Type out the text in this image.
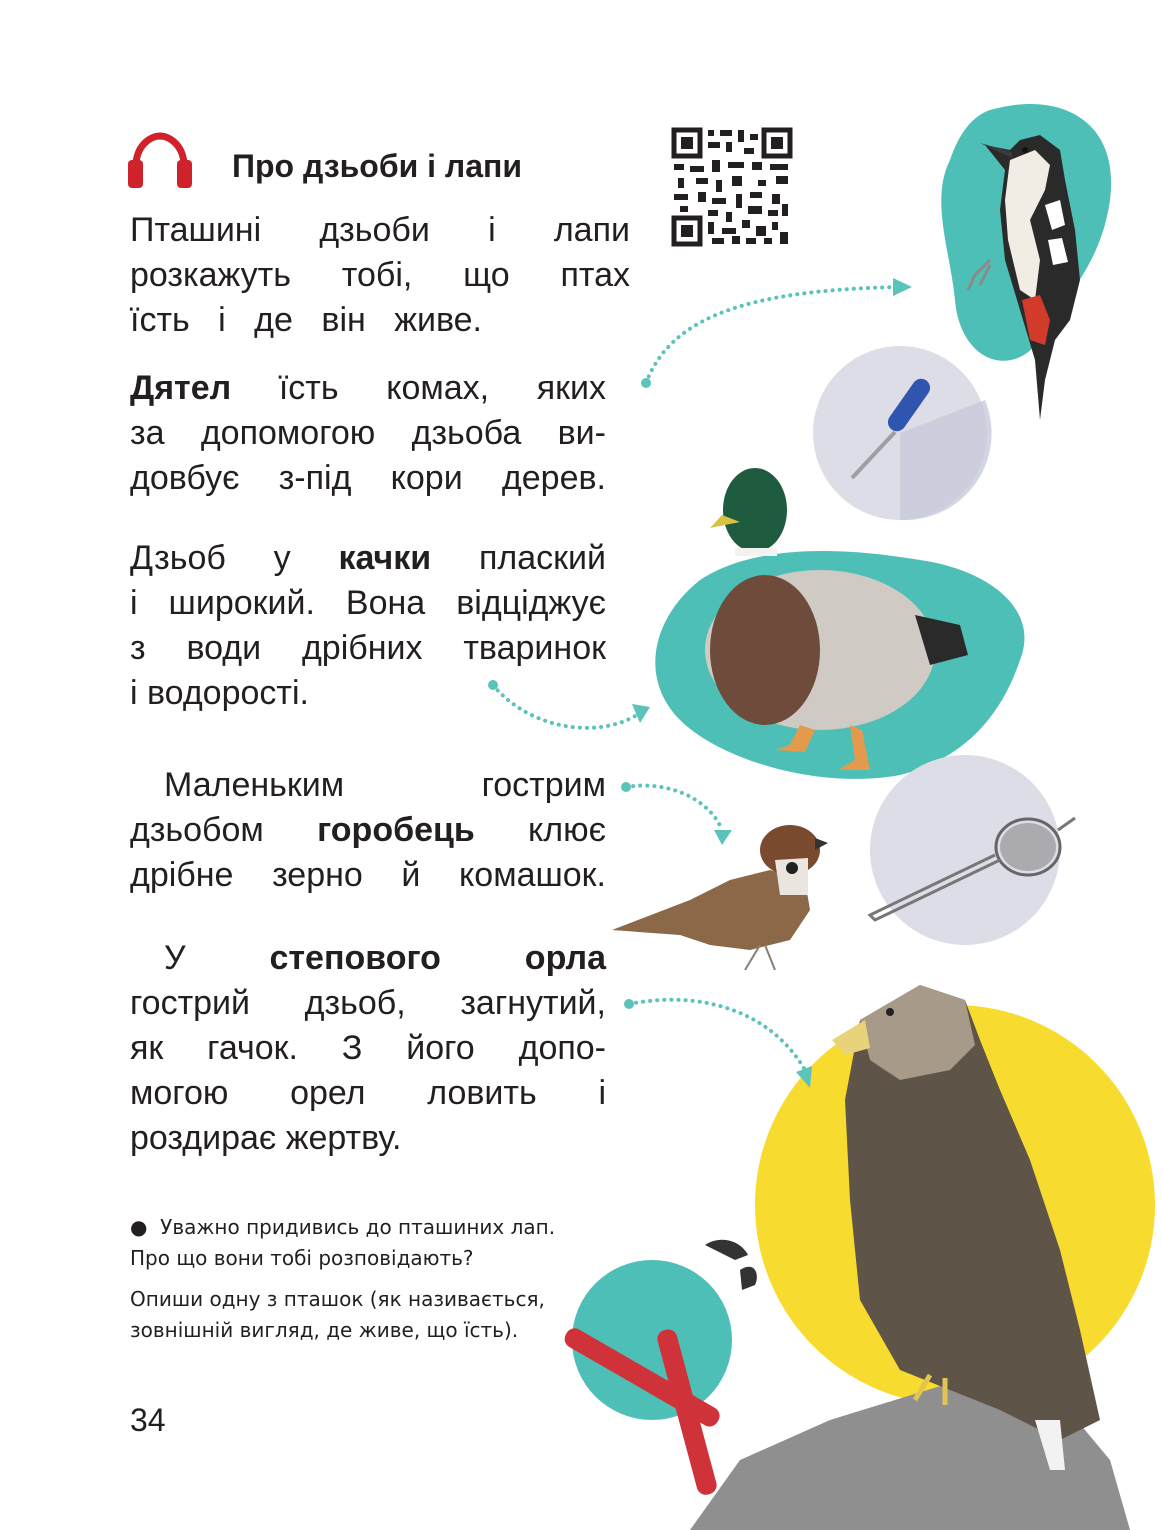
Про дзьоби і лапи
Пташині дзьоби і лапи
розкажуть тобі, що птах
їсть і де він живе.
Дятел їсть комах, яких
за допомогою дзьоба ви-
довбує з-під кори дерев.
Дзьоб у качки плаский
і широкий. Вона відціджує
з води дрібних тваринок
і водорості.
Маленьким гострим
дзьобом горобець клює
дрібне зерно й комашок.
У степового орла
гострий дзьоб, загнутий,
як гачок. З його допо-
могою орел ловить і
роздирає жертву.
●  Уважно придивись до пташиних лап.
Про що вони тобі розповідають?
Опиши одну з пташок (як називається,
зовнішній вигляд, де живе, що їсть).
34
